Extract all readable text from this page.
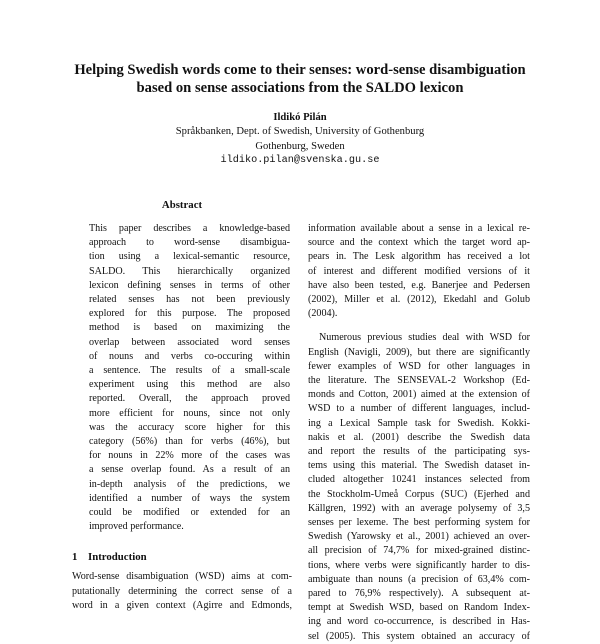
Helping Swedish words come to their senses: word-sense disambiguation
based on sense associations from the SALDO lexicon
Ildikó Pilán
Språkbanken, Dept. of Swedish, University of Gothenburg
Gothenburg, Sweden
ildiko.pilan@svenska.gu.se
Abstract
This paper describes a knowledge-based
approach to word-sense disambigua-
tion using a lexical-semantic resource,
SALDO. This hierarchically organized
lexicon defining senses in terms of other
related senses has not been previously
explored for this purpose. The proposed
method is based on maximizing the
overlap between associated word senses
of nouns and verbs co-occuring within
a sentence. The results of a small-scale
experiment using this method are also
reported. Overall, the approach proved
more efficient for nouns, since not only
was the accuracy score higher for this
category (56%) than for verbs (46%), but
for nouns in 22% more of the cases was
a sense overlap found. As a result of an
in-depth analysis of the predictions, we
identified a number of ways the system
could be modified or extended for an
improved performance.
1 Introduction
Word-sense disambiguation (WSD) aims at com-
putationally determining the correct sense of a
word in a given context (Agirre and Edmonds,
information available about a sense in a lexical re-
source and the context which the target word ap-
pears in. The Lesk algorithm has received a lot
of interest and different modified versions of it
have also been tested, e.g. Banerjee and Pedersen
(2002), Miller et al. (2012), Ekedahl and Golub
(2004).
Numerous previous studies deal with WSD for
English (Navigli, 2009), but there are significantly
fewer examples of WSD for other languages in
the literature. The SENSEVAL-2 Workshop (Ed-
monds and Cotton, 2001) aimed at the extension of
WSD to a number of different languages, includ-
ing a Lexical Sample task for Swedish. Kokki-
nakis et al. (2001) describe the Swedish data
and report the results of the participating sys-
tems using this material. The Swedish dataset in-
cluded altogether 10241 instances selected from
the Stockholm-Umeå Corpus (SUC) (Ejerhed and
Källgren, 1992) with an average polysemy of 3,5
senses per lexeme. The best performing system for
Swedish (Yarowsky et al., 2001) achieved an over-
all precision of 74,7% for mixed-grained distinc-
tions, where verbs were significantly harder to dis-
ambiguate than nouns (a precision of 63,4% com-
pared to 76,9% respectively). A subsequent at-
tempt at Swedish WSD, based on Random Index-
ing and word co-occurrence, is described in Has-
sel (2005). This system obtained an accuracy of
